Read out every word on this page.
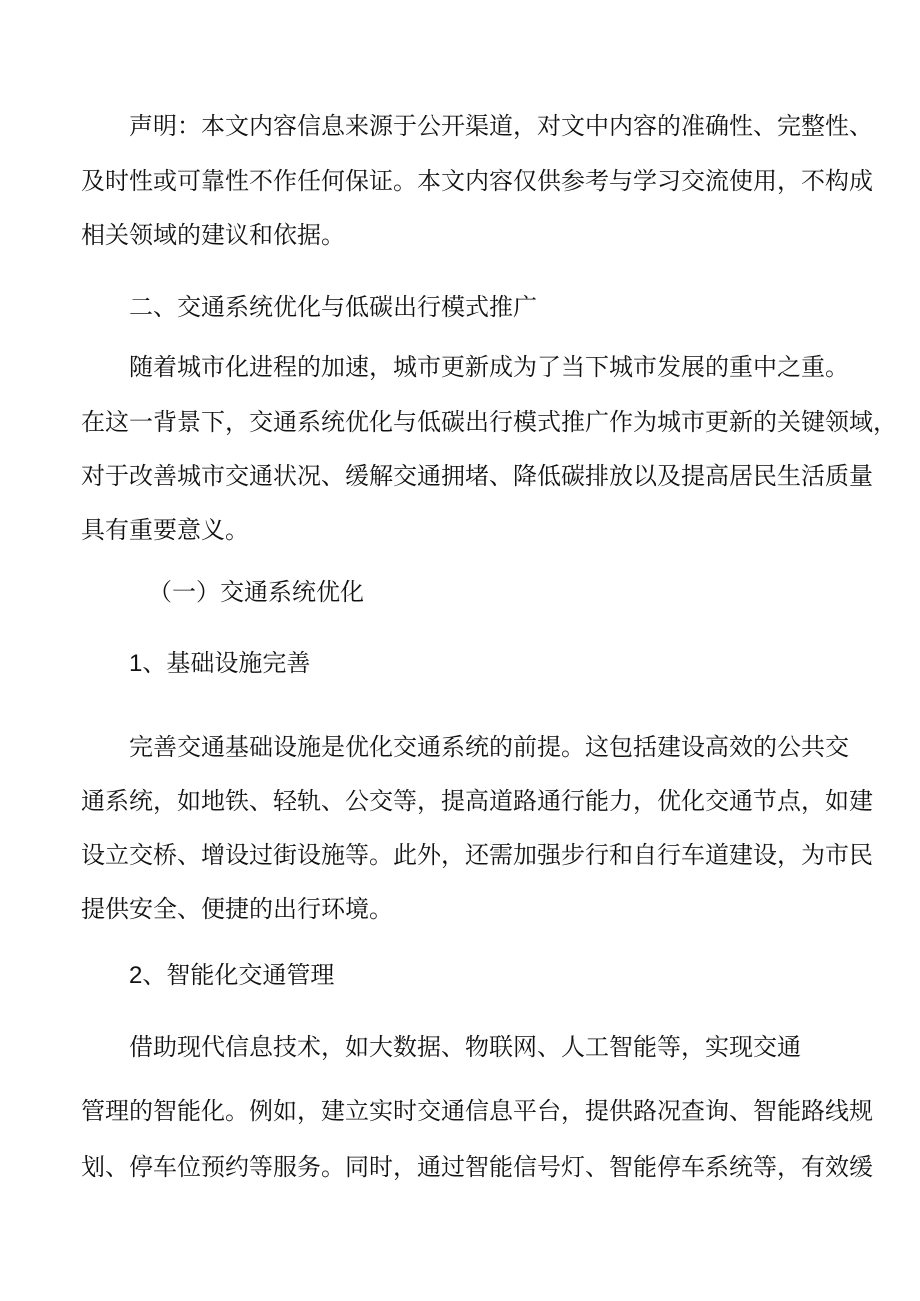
声明：本文内容信息来源于公开渠道，对文中内容的准确性、完整性、
及时性或可靠性不作任何保证。本文内容仅供参考与学习交流使用，不构成
相关领域的建议和依据。
二、交通系统优化与低碳出行模式推广
随着城市化进程的加速，城市更新成为了当下城市发展的重中之重。
在这一背景下，交通系统优化与低碳出行模式推广作为城市更新的关键领域，
对于改善城市交通状况、缓解交通拥堵、降低碳排放以及提高居民生活质量
具有重要意义。
（一）交通系统优化
1、基础设施完善
完善交通基础设施是优化交通系统的前提。这包括建设高效的公共交
通系统，如地铁、轻轨、公交等，提高道路通行能力，优化交通节点，如建
设立交桥、增设过街设施等。此外，还需加强步行和自行车道建设，为市民
提供安全、便捷的出行环境。
2、智能化交通管理
借助现代信息技术，如大数据、物联网、人工智能等，实现交通
管理的智能化。例如，建立实时交通信息平台，提供路况查询、智能路线规
划、停车位预约等服务。同时，通过智能信号灯、智能停车系统等，有效缓
